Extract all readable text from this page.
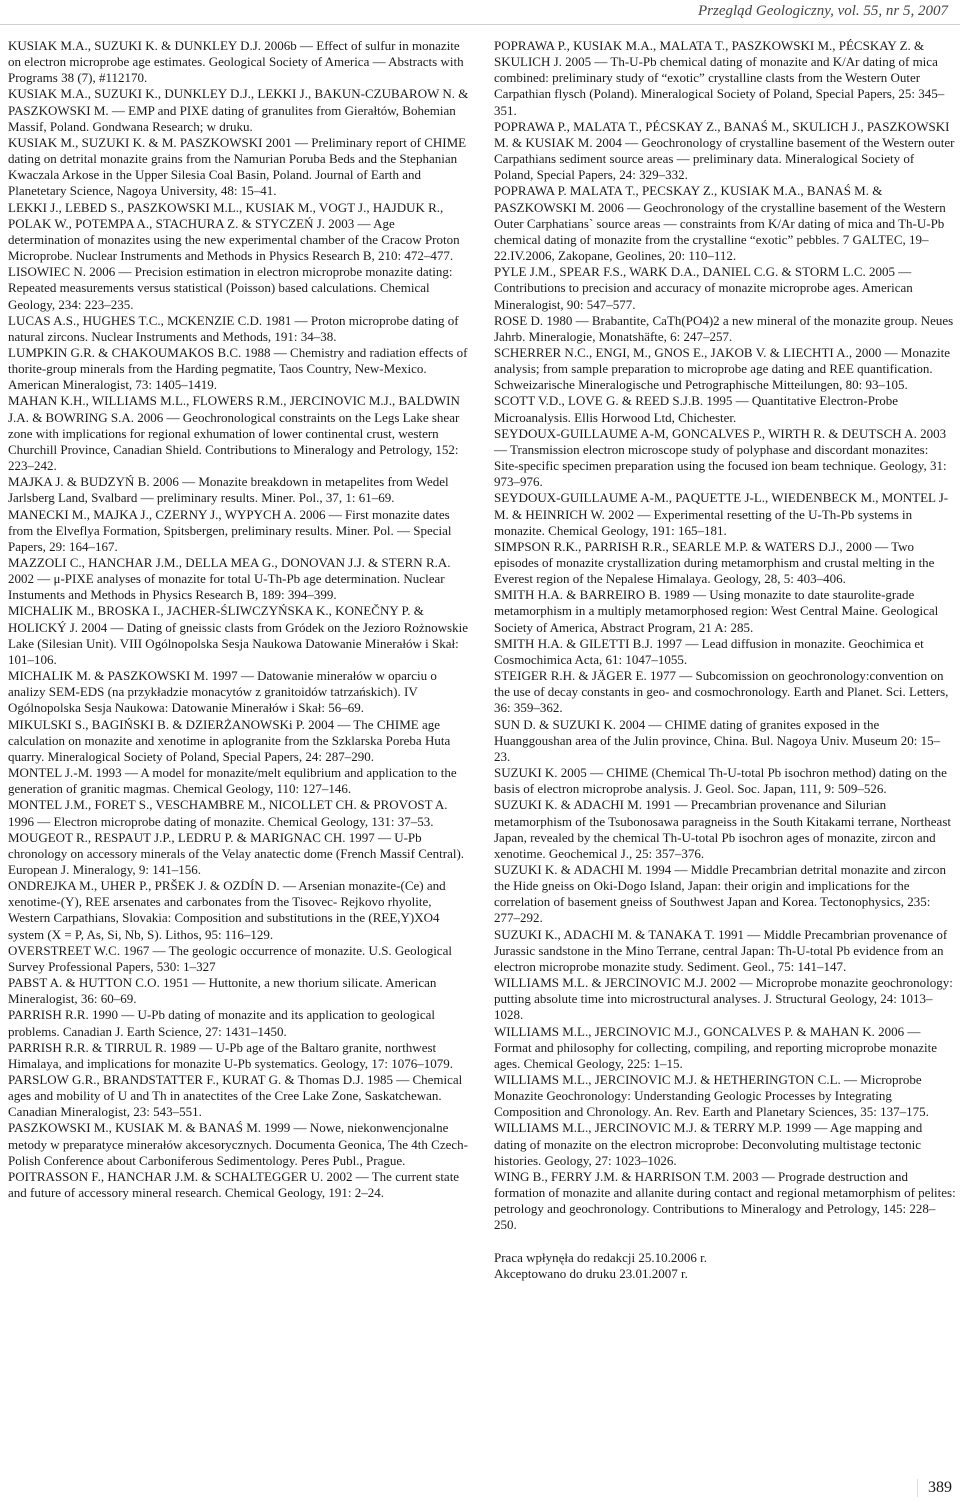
Przegląd Geologiczny, vol. 55, nr 5, 2007

KUSIAK M.A., SUZUKI K. & DUNKLEY D.J. 2006b — Effect of sulfur in monazite on electron microprobe age estimates. Geological Society of America — Abstracts with Programs 38 (7), #112170.

KUSIAK M.A., SUZUKI K., DUNKLEY D.J., LEKKI J., BAKUN-CZUBAROW N. & PASZKOWSKI M. — EMP and PIXE dating of granulites from Gierałtów, Bohemian Massif, Poland. Gondwana Research; w druku.

KUSIAK M., SUZUKI K. & M. PASZKOWSKI 2001 — Preliminary report of CHIME dating on detrital monazite grains from the Namurian Poruba Beds and the Stephanian Kwaczala Arkose in the Upper Silesia Coal Basin, Poland. Journal of Earth and Planetetary Science, Nagoya University, 48: 15–41.

LEKKI J., LEBED S., PASZKOWSKI M.L., KUSIAK M., VOGT J., HAJDUK R., POLAK W., POTEMPA A., STACHURA Z. & STYCZEŃ J. 2003 — Age determination of monazites using the new experimental chamber of the Cracow Proton Microprobe. Nuclear Instruments and Methods in Physics Research B, 210: 472–477.

LISOWIEC N. 2006 — Precision estimation in electron microprobe monazite dating: Repeated measurements versus statistical (Poisson) based calculations. Chemical Geology, 234: 223–235.

LUCAS A.S., HUGHES T.C., MCKENZIE C.D. 1981 — Proton microprobe dating of natural zircons. Nuclear Instruments and Methods, 191: 34–38.

LUMPKIN G.R. & CHAKOUMAKOS B.C. 1988 — Chemistry and radiation effects of thorite-group minerals from the Harding pegmatite, Taos Country, New-Mexico. American Mineralogist, 73: 1405–1419.

MAHAN K.H., WILLIAMS M.L., FLOWERS R.M., JERCINOVIC M.J., BALDWIN J.A. & BOWRING S.A. 2006 — Geochronological constraints on the Legs Lake shear zone with implications for regional exhumation of lower continental crust, western Churchill Province, Canadian Shield. Contributions to Mineralogy and Petrology, 152: 223–242.

MAJKA J. & BUDZYŃ B. 2006 — Monazite breakdown in metapelites from Wedel Jarlsberg Land, Svalbard — preliminary results. Miner. Pol., 37, 1: 61–69.

MANECKI M., MAJKA J., CZERNY J., WYPYCH A. 2006 — First monazite dates from the Elveflya Formation, Spitsbergen, preliminary results. Miner. Pol. — Special Papers, 29: 164–167.

MAZZOLI C., HANCHAR J.M., DELLA MEA G., DONOVAN J.J. & STERN R.A. 2002 — μ-PIXE analyses of monazite for total U-Th-Pb age determination. Nuclear Instuments and Methods in Physics Research B, 189: 394–399.

MICHALIK M., BROSKA I., JACHER-ŚLIWCZYŃSKA K., KONEČNY P. & HOLICKÝ J. 2004 — Dating of gneissic clasts from Gródek on the Jezioro Rożnowskie Lake (Silesian Unit). VIII Ogólnopolska Sesja Naukowa Datowanie Minerałów i Skał: 101–106.

MICHALIK M. & PASZKOWSKI M. 1997 — Datowanie minerałów w oparciu o analizy SEM-EDS (na przykładzie monacytów z granitoidów tatrzańskich). IV Ogólnopolska Sesja Naukowa: Datowanie Minerałów i Skał: 56–69.

MIKULSKI S., BAGIŃSKI B. & DZIERŻANOWSKi P. 2004 — The CHIME age calculation on monazite and xenotime in aplogranite from the Szklarska Poreba Huta quarry. Mineralogical Society of Poland, Special Papers, 24: 287–290.

MONTEL J.-M. 1993 — A model for monazite/melt equlibrium and application to the generation of granitic magmas. Chemical Geology, 110: 127–146.

MONTEL J.M., FORET S., VESCHAMBRE M., NICOLLET CH. & PROVOST A. 1996 — Electron microprobe dating of monazite. Chemical Geology, 131: 37–53.

MOUGEOT R., RESPAUT J.P., LEDRU P. & MARIGNAC CH. 1997 — U-Pb chronology on accessory minerals of the Velay anatectic dome (French Massif Central). European J. Mineralogy, 9: 141–156.

ONDREJKA M., UHER P., PRŠEK J. & OZDÍN D. — Arsenian monazite-(Ce) and xenotime-(Y), REE arsenates and carbonates from the Tisovec- Rejkovo rhyolite, Western Carpathians, Slovakia: Composition and substitutions in the (REE,Y)XO4 system (X = P, As, Si, Nb, S). Lithos, 95: 116–129.

OVERSTREET W.C. 1967 — The geologic occurrence of monazite. U.S. Geological Survey Professional Papers, 530: 1–327

PABST A. & HUTTON C.O. 1951 — Huttonite, a new thorium silicate. American Mineralogist, 36: 60–69.

PARRISH R.R. 1990 — U-Pb dating of monazite and its application to geological problems. Canadian J. Earth Science, 27: 1431–1450.

PARRISH R.R. & TIRRUL R. 1989 — U-Pb age of the Baltaro granite, northwest Himalaya, and implications for monazite U-Pb systematics. Geology, 17: 1076–1079.

PARSLOW G.R., BRANDSTATTER F., KURAT G. & Thomas D.J. 1985 — Chemical ages and mobility of U and Th in anatectites of the Cree Lake Zone, Saskatchewan. Canadian Mineralogist, 23: 543–551.

PASZKOWSKI M., KUSIAK M. & BANAŚ M. 1999 — Nowe, niekonwencjonalne metody w preparatyce minerałów akcesorycznych. Documenta Geonica, The 4th Czech-Polish Conference about Carboniferous Sedimentology. Peres Publ., Prague.

POITRASSON F., HANCHAR J.M. & SCHALTEGGER U. 2002 — The current state and future of accessory mineral research. Chemical Geology, 191: 2–24.

POPRAWA P., KUSIAK M.A., MALATA T., PASZKOWSKI M., PÉCSKAY Z. & SKULICH J. 2005 — Th-U-Pb chemical dating of monazite and K/Ar dating of mica combined: preliminary study of “exotic” crystalline clasts from the Western Outer Carpathian flysch (Poland). Mineralogical Society of Poland, Special Papers, 25: 345–351.

POPRAWA P., MALATA T., PÉCSKAY Z., BANAŚ M., SKULICH J., PASZKOWSKI M. & KUSIAK M. 2004 — Geochronology of crystalline basement of the Western outer Carpathians sediment source areas — preliminary data. Mineralogical Society of Poland, Special Papers, 24: 329–332.

POPRAWA P. MALATA T., PECSKAY Z., KUSIAK M.A., BANAŚ M. & PASZKOWSKI M. 2006 — Geochronology of the crystalline basement of the Western Outer Carphatians` source areas — constraints from K/Ar dating of mica and Th-U-Pb chemical dating of monazite from the crystalline “exotic” pebbles. 7 GALTEC, 19–22.IV.2006, Zakopane, Geolines, 20: 110–112.

PYLE J.M., SPEAR F.S., WARK D.A., DANIEL C.G. & STORM L.C. 2005 — Contributions to precision and accuracy of monazite microprobe ages. American Mineralogist, 90: 547–577.

ROSE D. 1980 — Brabantite, CaTh(PO4)2 a new mineral of the monazite group. Neues Jahrb. Mineralogie, Monatshäfte, 6: 247–257.

SCHERRER N.C., ENGI, M., GNOS E., JAKOB V. & LIECHTI A., 2000 — Monazite analysis; from sample preparation to microprobe age dating and REE quantification. Schweizarische Mineralogische und Petrographische Mitteilungen, 80: 93–105.

SCOTT V.D., LOVE G. & REED S.J.B. 1995 — Quantitative Electron-Probe Microanalysis. Ellis Horwood Ltd, Chichester.

SEYDOUX-GUILLAUME A-M, GONCALVES P., WIRTH R. & DEUTSCH A. 2003 — Transmission electron microscope study of polyphase and discordant monazites: Site-specific specimen preparation using the focused ion beam technique. Geology, 31: 973–976.

SEYDOUX-GUILLAUME A-M., PAQUETTE J-L., WIEDENBECK M., MONTEL J-M. & HEINRICH W. 2002 — Experimental resetting of the U-Th-Pb systems in monazite. Chemical Geology, 191: 165–181.

SIMPSON R.K., PARRISH R.R., SEARLE M.P. & WATERS D.J., 2000 — Two episodes of monazite crystallization during metamorphism and crustal melting in the Everest region of the Nepalese Himalaya. Geology, 28, 5: 403–406.

SMITH H.A. & BARREIRO B. 1989 — Using monazite to date staurolite-grade metamorphism in a multiply metamorphosed region: West Central Maine. Geological Society of America, Abstract Program, 21 A: 285.

SMITH H.A. & GILETTI B.J. 1997 — Lead diffusion in monazite. Geochimica et Cosmochimica Acta, 61: 1047–1055.

STEIGER R.H. & JÄGER E. 1977 — Subcomission on geochronology:convention on the use of decay constants in geo- and cosmochronology. Earth and Planet. Sci. Letters, 36: 359–362.

SUN D. & SUZUKI K. 2004 — CHIME dating of granites exposed in the Huanggoushan area of the Julin province, China. Bul. Nagoya Univ. Museum 20: 15–23.

SUZUKI K. 2005 — CHIME (Chemical Th-U-total Pb isochron method) dating on the basis of electron microprobe analysis. J. Geol. Soc. Japan, 111, 9: 509–526.

SUZUKI K. & ADACHI M. 1991 — Precambrian provenance and Silurian metamorphism of the Tsubonosawa paragneiss in the South Kitakami terrane, Northeast Japan, revealed by the chemical Th-U-total Pb isochron ages of monazite, zircon and xenotime. Geochemical J., 25: 357–376.

SUZUKI K. & ADACHI M. 1994 — Middle Precambrian detrital monazite and zircon the Hide gneiss on Oki-Dogo Island, Japan: their origin and implications for the correlation of basement gneiss of Southwest Japan and Korea. Tectonophysics, 235: 277–292.

SUZUKI K., ADACHI M. & TANAKA T. 1991 — Middle Precambrian provenance of Jurassic sandstone in the Mino Terrane, central Japan: Th-U-total Pb evidence from an electron microprobe monazite study. Sediment. Geol., 75: 141–147.

WILLIAMS M.L. & JERCINOVIC M.J. 2002 — Microprobe monazite geochronology: putting absolute time into microstructural analyses. J. Structural Geology, 24: 1013–1028.

WILLIAMS M.L., JERCINOVIC M.J., GONCALVES P. & MAHAN K. 2006 — Format and philosophy for collecting, compiling, and reporting microprobe monazite ages. Chemical Geology, 225: 1–15.

WILLIAMS M.L., JERCINOVIC M.J. & HETHERINGTON C.L. — Microprobe Monazite Geochronology: Understanding Geologic Processes by Integrating Composition and Chronology. An. Rev. Earth and Planetary Sciences, 35: 137–175.

WILLIAMS M.L., JERCINOVIC M.J. & TERRY M.P. 1999 — Age mapping and dating of monazite on the electron microprobe: Deconvoluting multistage tectonic histories. Geology, 27: 1023–1026.

WING B., FERRY J.M. & HARRISON T.M. 2003 — Prograde destruction and formation of monazite and allanite during contact and regional metamorphism of pelites: petrology and geochronology. Contributions to Mineralogy and Petrology, 145: 228–250.

Praca wpłynęła do redakcji 25.10.2006 r.
Akceptowano do druku 23.01.2007 r.
389
